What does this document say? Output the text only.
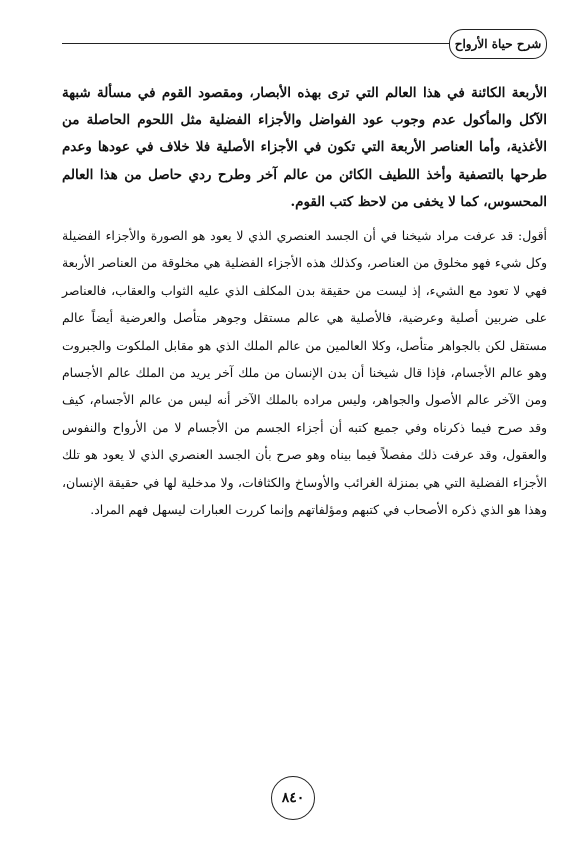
شرح حياة الأرواح

الأربعة الكائنة في هذا العالم التي ترى بهذه الأبصار، ومقصود القوم في مسألة شبهة الآكل والمأكول عدم وجوب عود الفواضل والأجزاء الفضلية مثل اللحوم الحاصلة من الأغذية، وأما العناصر الأربعة التي تكون في الأجزاء الأصلية فلا خلاف في عودها وعدم طرحها بالتصفية وأخذ اللطيف الكائن من عالم آخر وطرح ردي حاصل من هذا العالم المحسوس، كما لا يخفى من لاحظ كتب القوم.

أقول: قد عرفت مراد شيخنا في أن الجسد العنصري الذي لا يعود هو الصورة والأجزاء الفضيلة وكل شيء فهو مخلوق من العناصر، وكذلك هذه الأجزاء الفضلية هي مخلوقة من العناصر الأربعة فهي لا تعود مع الشيء، إذ ليست من حقيقة بدن المكلف الذي عليه الثواب والعقاب، فالعناصر على ضربين أصلية وعرضية، فالأصلية هي عالم مستقل وجوهر متأصل والعرضية أيضاً عالم مستقل لكن بالجواهر متأصل، وكلا العالمين من عالم الملك الذي هو مقابل الملكوت والجبروت وهو عالم الأجسام، فإذا قال شيخنا أن بدن الإنسان من ملك آخر يريد من الملك عالم الأجسام ومن الآخر عالم الأصول والجواهر، وليس مراده بالملك الآخر أنه ليس من عالم الأجسام، كيف وقد صرح فيما ذكرناه وفي جميع كتبه أن أجزاء الجسم من الأجسام لا من الأرواح والنفوس والعقول، وقد عرفت ذلك مفصلاً فيما بيناه وهو صرح بأن الجسد العنصري الذي لا يعود هو تلك الأجزاء الفضلية التي هي بمنزلة الغرائب والأوساخ والكثافات، ولا مدخلية لها في حقيقة الإنسان، وهذا هو الذي ذكره الأصحاب في كتبهم ومؤلفاتهم وإنما كررت العبارات ليسهل فهم المراد.

٨٤٠
